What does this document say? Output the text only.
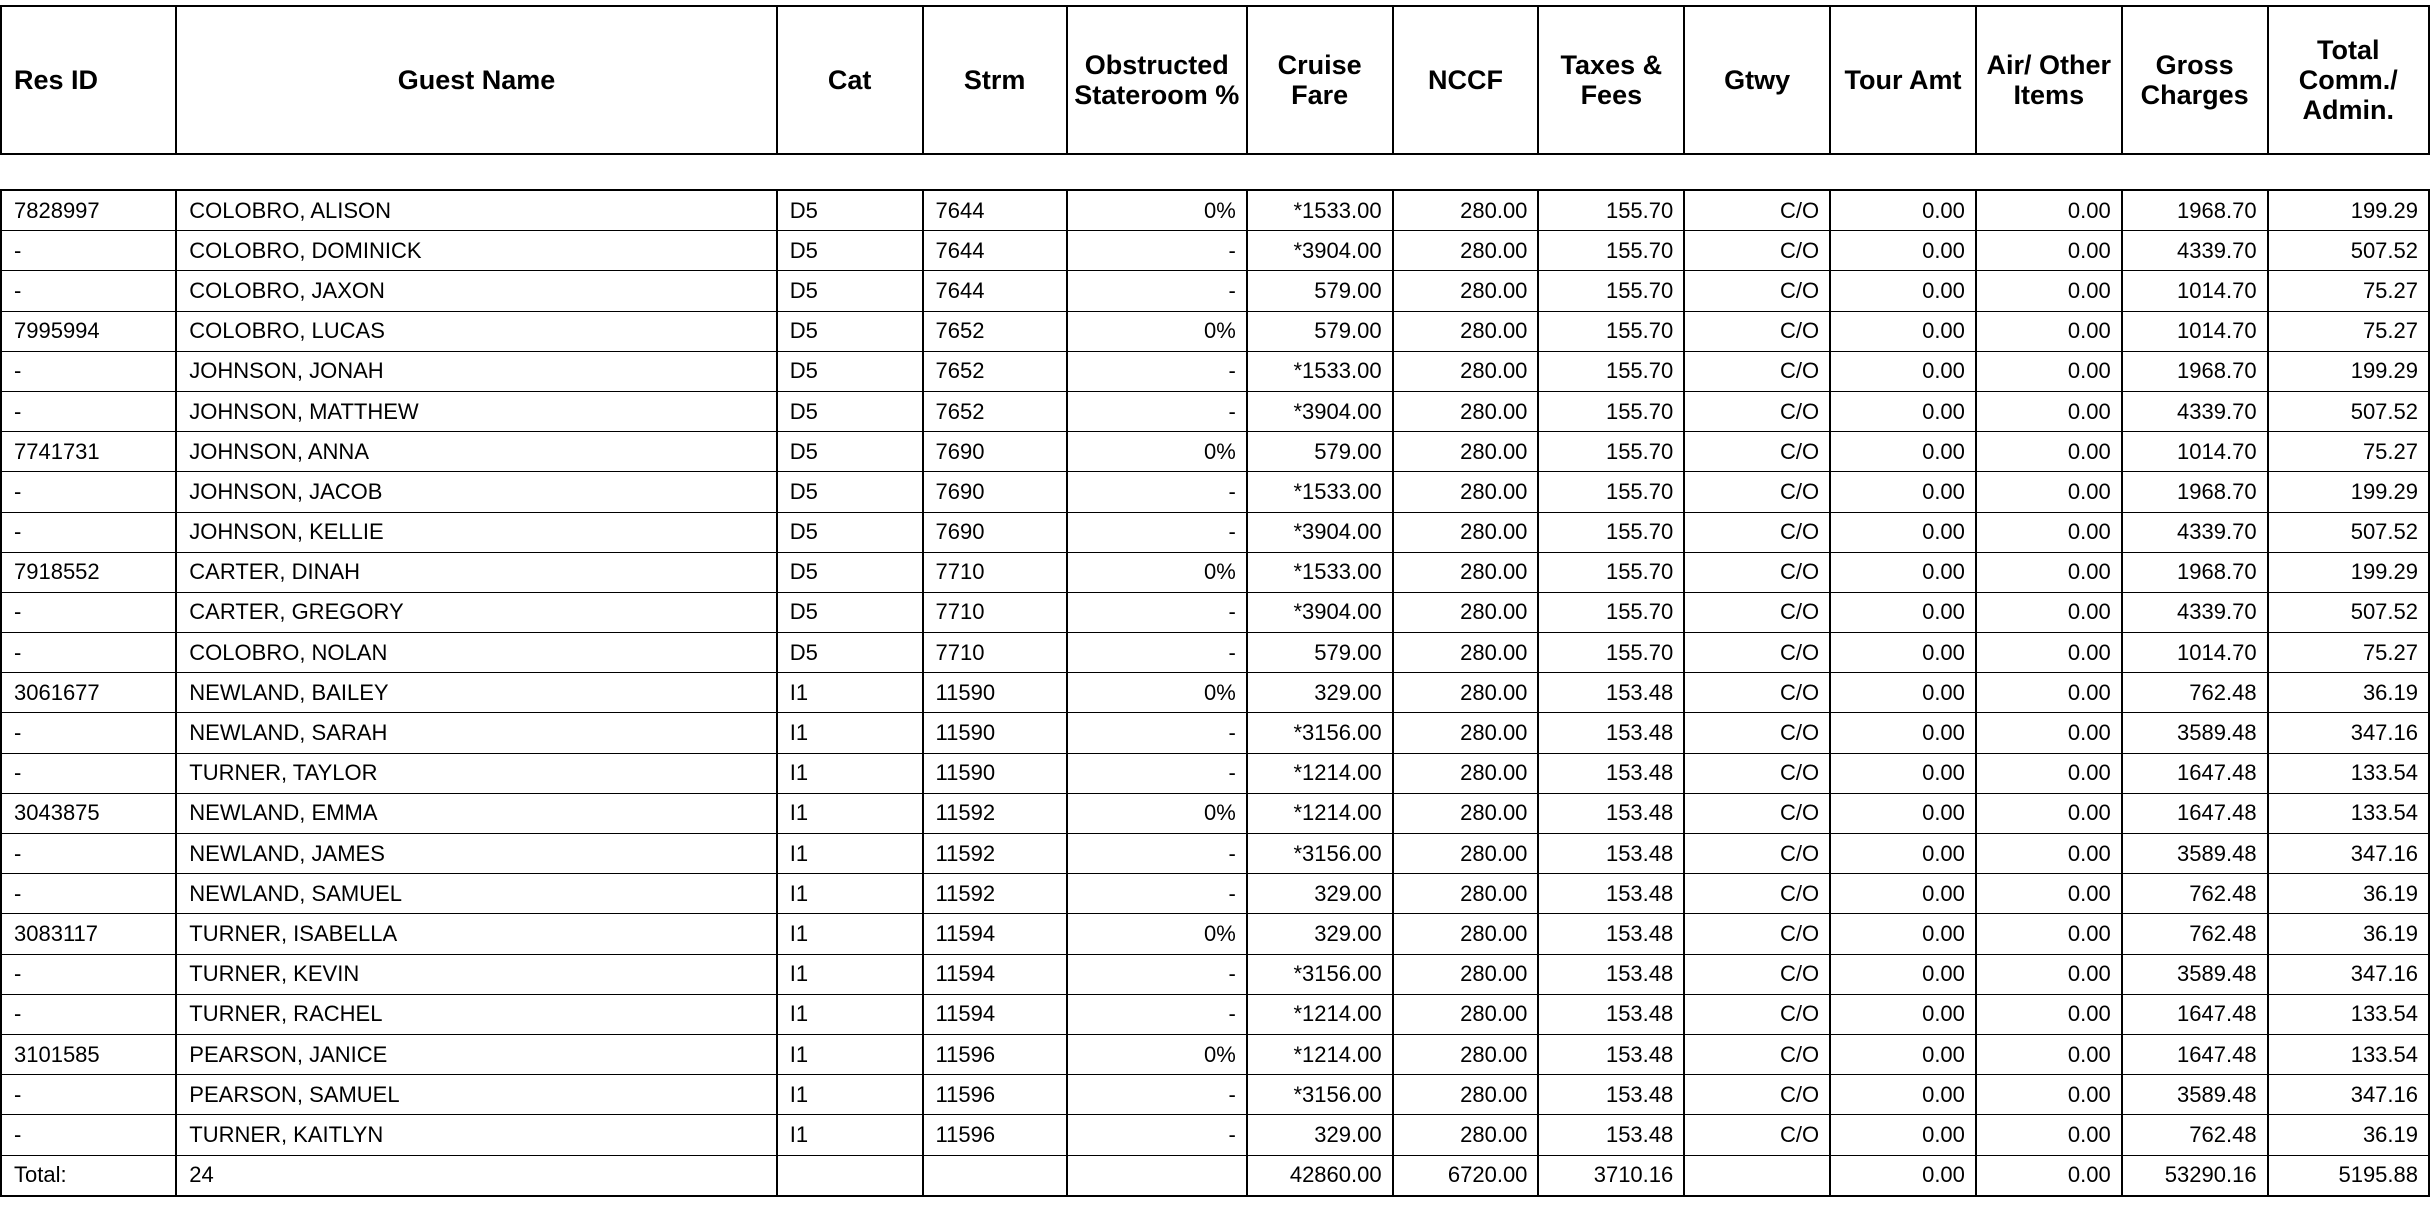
Res ID	Guest Name	Cat	Strm	Obstructed Stateroom %	Cruise Fare	NCCF	Taxes & Fees	Gtwy	Tour Amt	Air/ Other Items	Gross Charges	Total Comm./ Admin.
7828997	COLOBRO, ALISON	D5	7644	0%	*1533.00	280.00	155.70	C/O	0.00	0.00	1968.70	199.29
-	COLOBRO, DOMINICK	D5	7644	-	*3904.00	280.00	155.70	C/O	0.00	0.00	4339.70	507.52
-	COLOBRO, JAXON	D5	7644	-	579.00	280.00	155.70	C/O	0.00	0.00	1014.70	75.27
7995994	COLOBRO, LUCAS	D5	7652	0%	579.00	280.00	155.70	C/O	0.00	0.00	1014.70	75.27
-	JOHNSON, JONAH	D5	7652	-	*1533.00	280.00	155.70	C/O	0.00	0.00	1968.70	199.29
-	JOHNSON, MATTHEW	D5	7652	-	*3904.00	280.00	155.70	C/O	0.00	0.00	4339.70	507.52
7741731	JOHNSON, ANNA	D5	7690	0%	579.00	280.00	155.70	C/O	0.00	0.00	1014.70	75.27
-	JOHNSON, JACOB	D5	7690	-	*1533.00	280.00	155.70	C/O	0.00	0.00	1968.70	199.29
-	JOHNSON, KELLIE	D5	7690	-	*3904.00	280.00	155.70	C/O	0.00	0.00	4339.70	507.52
7918552	CARTER, DINAH	D5	7710	0%	*1533.00	280.00	155.70	C/O	0.00	0.00	1968.70	199.29
-	CARTER, GREGORY	D5	7710	-	*3904.00	280.00	155.70	C/O	0.00	0.00	4339.70	507.52
-	COLOBRO, NOLAN	D5	7710	-	579.00	280.00	155.70	C/O	0.00	0.00	1014.70	75.27
3061677	NEWLAND, BAILEY	I1	11590	0%	329.00	280.00	153.48	C/O	0.00	0.00	762.48	36.19
-	NEWLAND, SARAH	I1	11590	-	*3156.00	280.00	153.48	C/O	0.00	0.00	3589.48	347.16
-	TURNER, TAYLOR	I1	11590	-	*1214.00	280.00	153.48	C/O	0.00	0.00	1647.48	133.54
3043875	NEWLAND, EMMA	I1	11592	0%	*1214.00	280.00	153.48	C/O	0.00	0.00	1647.48	133.54
-	NEWLAND, JAMES	I1	11592	-	*3156.00	280.00	153.48	C/O	0.00	0.00	3589.48	347.16
-	NEWLAND, SAMUEL	I1	11592	-	329.00	280.00	153.48	C/O	0.00	0.00	762.48	36.19
3083117	TURNER, ISABELLA	I1	11594	0%	329.00	280.00	153.48	C/O	0.00	0.00	762.48	36.19
-	TURNER, KEVIN	I1	11594	-	*3156.00	280.00	153.48	C/O	0.00	0.00	3589.48	347.16
-	TURNER, RACHEL	I1	11594	-	*1214.00	280.00	153.48	C/O	0.00	0.00	1647.48	133.54
3101585	PEARSON, JANICE	I1	11596	0%	*1214.00	280.00	153.48	C/O	0.00	0.00	1647.48	133.54
-	PEARSON, SAMUEL	I1	11596	-	*3156.00	280.00	153.48	C/O	0.00	0.00	3589.48	347.16
-	TURNER, KAITLYN	I1	11596	-	329.00	280.00	153.48	C/O	0.00	0.00	762.48	36.19
Total:	24				42860.00	6720.00	3710.16		0.00	0.00	53290.16	5195.88
